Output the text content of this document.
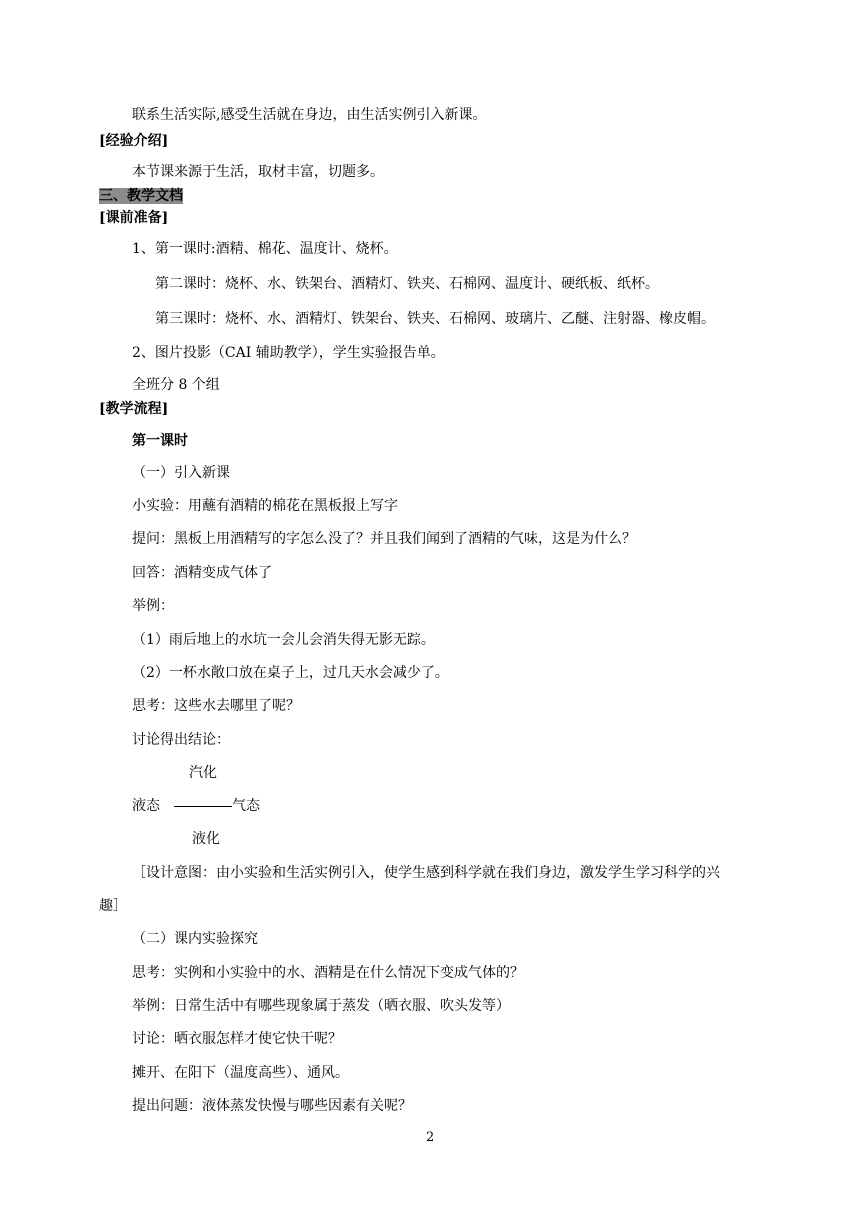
联系生活实际,感受生活就在身边，由生活实例引入新课。
[经验介绍]
本节课来源于生活，取材丰富，切题多。
三、教学文档
[课前准备]
1、第一课时:酒精、棉花、温度计、烧杯。
第二课时：烧杯、水、铁架台、酒精灯、铁夹、石棉网、温度计、硬纸板、纸杯。
第三课时：烧杯、水、酒精灯、铁架台、铁夹、石棉网、玻璃片、乙醚、注射器、橡皮帽。
2、图片投影（CAI 辅助教学），学生实验报告单。
全班分 8 个组
[教学流程]
第一课时
（一）引入新课
小实验：用蘸有酒精的棉花在黑板报上写字
提问：黑板上用酒精写的字怎么没了？并且我们闻到了酒精的气味，这是为什么？
回答：酒精变成气体了
举例：
（1）雨后地上的水坑一会儿会消失得无影无踪。
（2）一杯水敞口放在桌子上，过几天水会减少了。
思考：这些水去哪里了呢？
讨论得出结论：
汽化
液态	气态
液化
［设计意图：由小实验和生活实例引入，使学生感到科学就在我们身边，激发学生学习科学的兴
趣］
（二）课内实验探究
思考：实例和小实验中的水、酒精是在什么情况下变成气体的？
举例：日常生活中有哪些现象属于蒸发（晒衣服、吹头发等）
讨论：晒衣服怎样才使它快干呢？
摊开、在阳下（温度高些）、通风。
提出问题：液体蒸发快慢与哪些因素有关呢？
2
